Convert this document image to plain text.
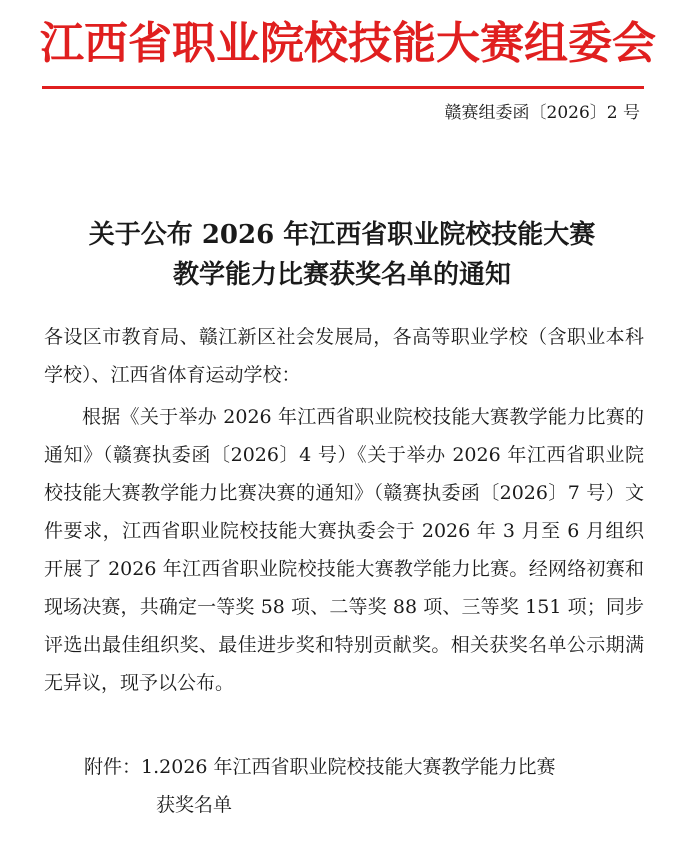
江西省职业院校技能大赛组委会
赣赛组委函〔2026〕2 号
关于公布 2026 年江西省职业院校技能大赛
教学能力比赛获奖名单的通知
各设区市教育局、赣江新区社会发展局，各高等职业学校（含职业本科学校）、江西省体育运动学校：
根据《关于举办 2026 年江西省职业院校技能大赛教学能力比赛的通知》（赣赛执委函〔2026〕4 号）《关于举办 2026 年江西省职业院校技能大赛教学能力比赛决赛的通知》（赣赛执委函〔2026〕7 号）文件要求，江西省职业院校技能大赛执委会于 2026 年 3 月至 6 月组织开展了 2026 年江西省职业院校技能大赛教学能力比赛。经网络初赛和现场决赛，共确定一等奖 58 项、二等奖 88 项、三等奖 151 项；同步评选出最佳组织奖、最佳进步奖和特别贡献奖。相关获奖名单公示期满无异议，现予以公布。
附件：1.2026 年江西省职业院校技能大赛教学能力比赛
获奖名单
